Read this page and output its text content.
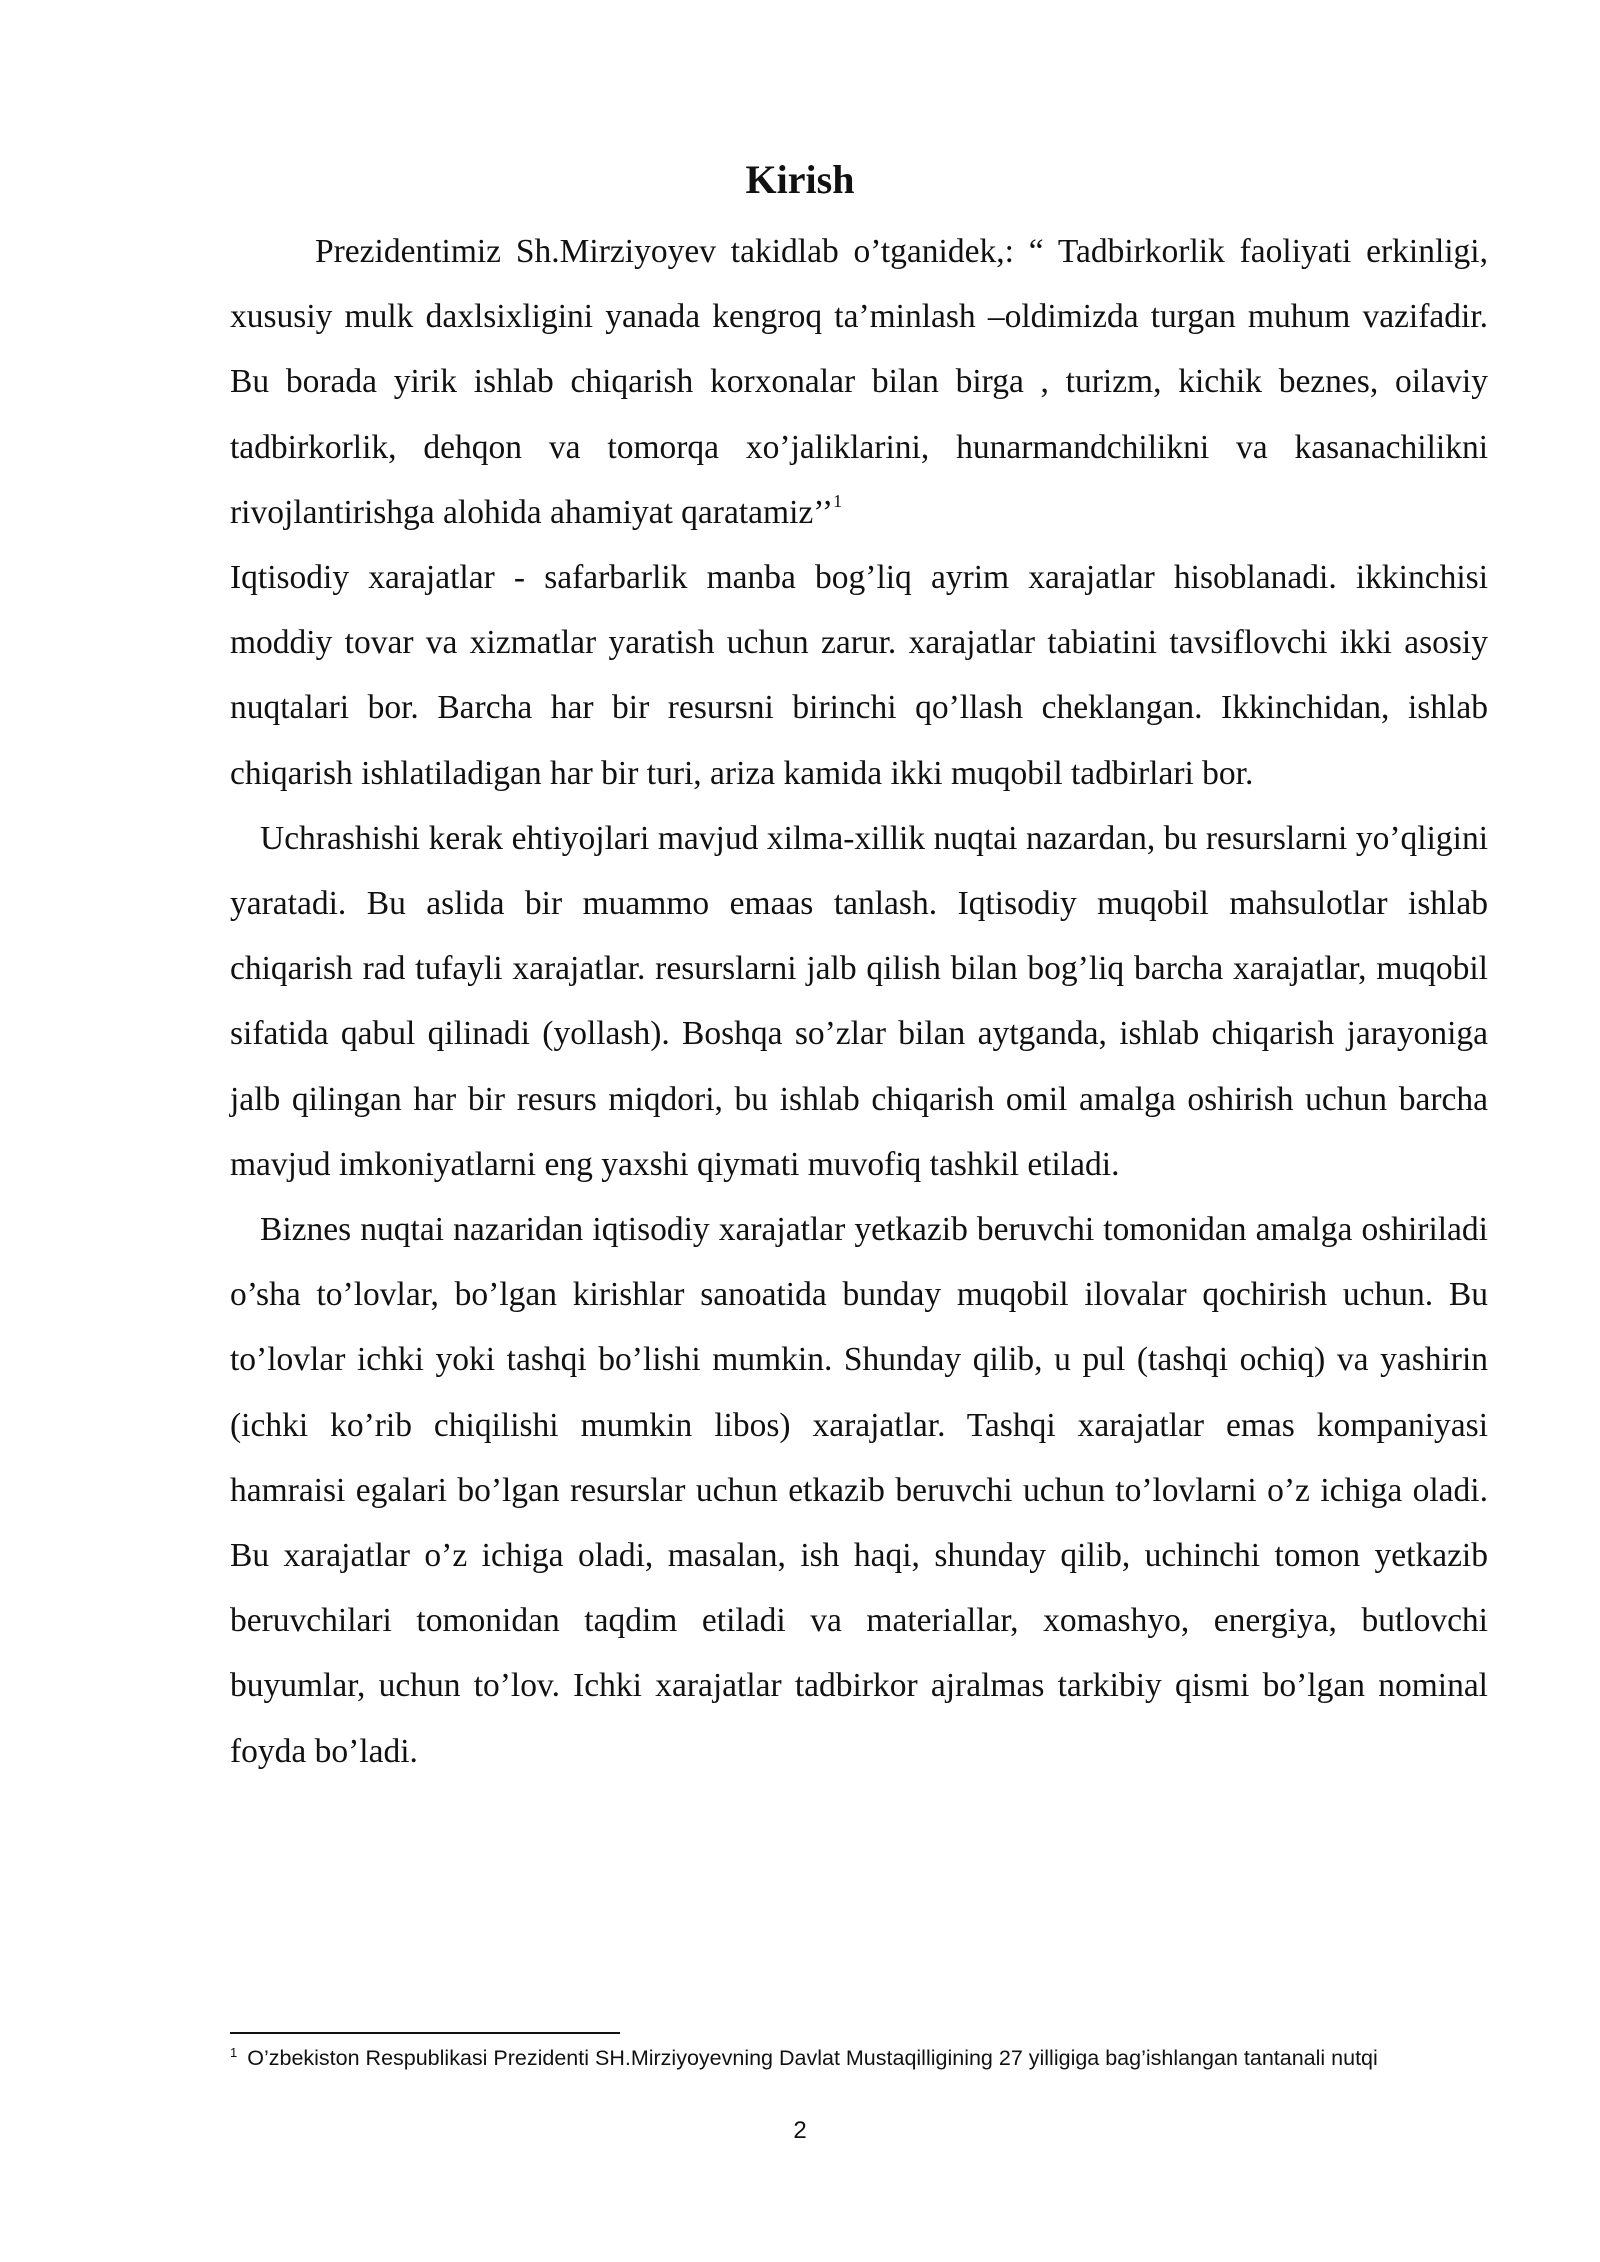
Kirish

Prezidentimiz Sh.Mirziyoyev takidlab o’tganidek,: “ Tadbirkorlik faoliyati erkinligi, xususiy mulk daxlsixligini yanada kengroq ta’minlash –oldimizda turgan muhum vazifadir. Bu borada yirik ishlab chiqarish korxonalar bilan birga , turizm, kichik beznes, oilaviy tadbirkorlik, dehqon va tomorqa xo’jaliklarini, hunarmandchilikni va kasanachilikni rivojlantirishga alohida ahamiyat qaratamiz’’$^1$
Iqtisodiy xarajatlar - safarbarlik manba bog’liq ayrim xarajatlar hisoblanadi. ikkinchisi moddiy tovar va xizmatlar yaratish uchun zarur. xarajatlar tabiatini tavsiflovchi ikki asosiy nuqtalari bor. Barcha har bir resursni birinchi qo’llash cheklangan. Ikkinchidan, ishlab chiqarish ishlatiladigan har bir turi, ariza kamida ikki muqobil tadbirlari bor.

Uchrashishi kerak ehtiyojlari mavjud xilma-xillik nuqtai nazardan, bu resurslarni yo’qligini yaratadi. Bu aslida bir muammo emaas tanlash. Iqtisodiy muqobil mahsulotlar ishlab chiqarish rad tufayli xarajatlar. resurslarni jalb qilish bilan bog’liq barcha xarajatlar, muqobil sifatida qabul qilinadi (yollash). Boshqa so’zlar bilan aytganda, ishlab chiqarish jarayoniga jalb qilingan har bir resurs miqdori, bu ishlab chiqarish omil amalga oshirish uchun barcha mavjud imkoniyatlarni eng yaxshi qiymati muvofiq tashkil etiladi.

Biznes nuqtai nazaridan iqtisodiy xarajatlar yetkazib beruvchi tomonidan amalga oshiriladi o’sha to’lovlar, bo’lgan kirishlar sanoatida bunday muqobil ilovalar qochirish uchun. Bu to’lovlar ichki yoki tashqi bo’lishi mumkin. Shunday qilib, u pul (tashqi ochiq) va yashirin (ichki ko’rib chiqilishi mumkin libos) xarajatlar. Tashqi xarajatlar emas kompaniyasi hamraisi egalari bo’lgan resurslar uchun etkazib beruvchi uchun to’lovlarni o’z ichiga oladi. Bu xarajatlar o’z ichiga oladi, masalan, ish haqi, shunday qilib, uchinchi tomon yetkazib beruvchilari tomonidan taqdim etiladi va materiallar, xomashyo, energiya, butlovchi buyumlar, uchun to’lov. Ichki xarajatlar tadbirkor ajralmas tarkibiy qismi bo’lgan nominal foyda bo’ladi.

$^1$ O’zbekiston Respublikasi Prezidenti SH.Mirziyoyevning Davlat Mustaqilligining 27 yilligiga bag’ishlangan tantanali nutqi
2
